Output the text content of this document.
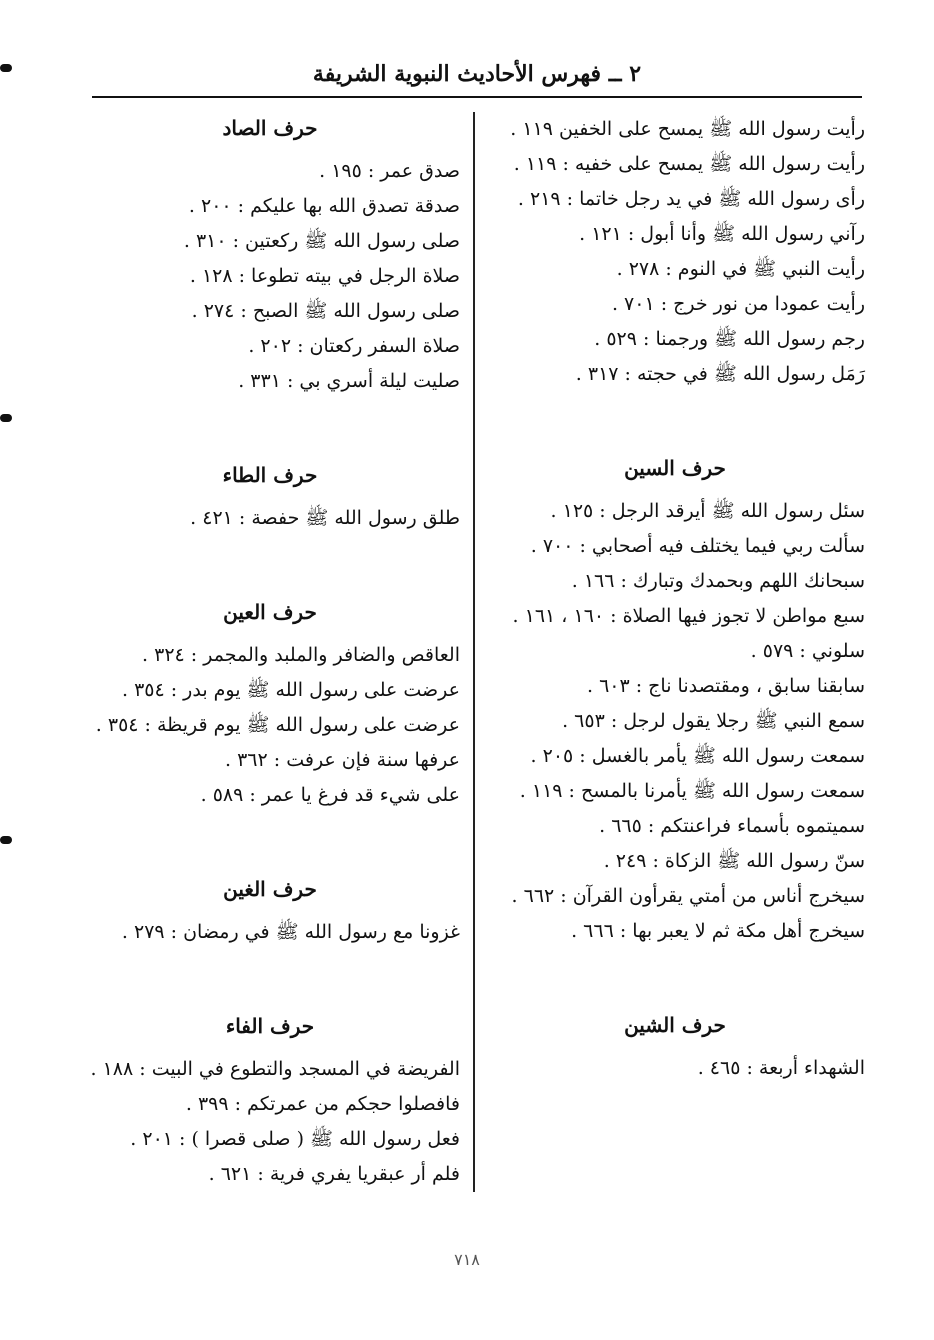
٢ ــ فهرس الأحاديث النبوية الشريفة
رأيت رسول الله ﷺ يمسح على الخفين ١١٩ .
رأيت رسول الله ﷺ يمسح على خفيه : ١١٩ .
رأى رسول الله ﷺ في يد رجل خاتما : ٢١٩ .
رآني رسول الله ﷺ وأنا أبول : ١٢١ .
رأيت النبي ﷺ في النوم : ٢٧٨ .
رأيت عمودا من نور خرج : ٧٠١ .
رجم رسول الله ﷺ ورجمنا : ٥٢٩ .
رَمَل رسول الله ﷺ في حجته : ٣١٧ .
حرف السين
سئل رسول الله ﷺ أيرقد الرجل : ١٢٥ .
سألت ربي فيما يختلف فيه أصحابي : ٧٠٠ .
سبحانك اللهم وبحمدك وتبارك : ١٦٦ .
سبع مواطن لا تجوز فيها الصلاة : ١٦٠ ، ١٦١ .
سلوني : ٥٧٩ .
سابقنا سابق ، ومقتصدنا ناج : ٦٠٣ .
سمع النبي ﷺ رجلا يقول لرجل : ٦٥٣ .
سمعت رسول الله ﷺ يأمر بالغسل : ٢٠٥ .
سمعت رسول الله ﷺ يأمرنا بالمسح : ١١٩ .
سميتموه بأسماء فراعنتكم : ٦٦٥ .
سنّ رسول الله ﷺ الزكاة : ٢٤٩ .
سيخرج أناس من أمتي يقرأون القرآن : ٦٦٢ .
سيخرج أهل مكة ثم لا يعبر بها : ٦٦٦ .
حرف الشين
الشهداء أربعة : ٤٦٥ .
حرف الصاد
صدق عمر : ١٩٥ .
صدقة تصدق الله بها عليكم : ٢٠٠ .
صلى رسول الله ﷺ ركعتين : ٣١٠ .
صلاة الرجل في بيته تطوعا : ١٢٨ .
صلى رسول الله ﷺ الصبح : ٢٧٤ .
صلاة السفر ركعتان : ٢٠٢ .
صليت ليلة أسري بي : ٣٣١ .
حرف الطاء
طلق رسول الله ﷺ حفصة : ٤٢١ .
حرف العين
العاقص والضافر والملبد والمجمر : ٣٢٤ .
عرضت على رسول الله ﷺ يوم بدر : ٣٥٤ .
عرضت على رسول الله ﷺ يوم قريظة : ٣٥٤ .
عرفها سنة فإن عرفت : ٣٦٢ .
على شيء قد فرغ يا عمر : ٥٨٩ .
حرف الغين
غزونا مع رسول الله ﷺ في رمضان : ٢٧٩ .
حرف الفاء
الفريضة في المسجد والتطوع في البيت : ١٨٨ .
فافصلوا حجكم من عمرتكم : ٣٩٩ .
فعل رسول الله ﷺ ( صلى قصرا ) : ٢٠١ .
فلم أر عبقريا يفري فرية : ٦٢١ .
٧١٨
